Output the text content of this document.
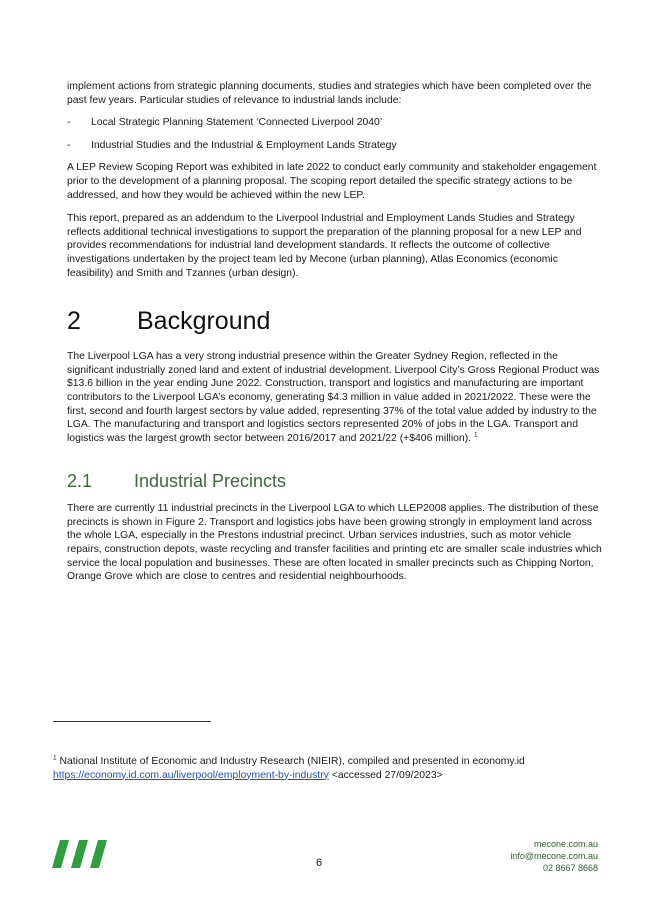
implement actions from strategic planning documents, studies and strategies which have been completed over the past few years. Particular studies of relevance to industrial lands include:

-	Local Strategic Planning Statement ‘Connected Liverpool 2040’
-	Industrial Studies and the Industrial & Employment Lands Strategy

A LEP Review Scoping Report was exhibited in late 2022 to conduct early community and stakeholder engagement prior to the development of a planning proposal. The scoping report detailed the specific strategy actions to be addressed, and how they would be achieved within the new LEP.

This report, prepared as an addendum to the Liverpool Industrial and Employment Lands Studies and Strategy reflects additional technical investigations to support the preparation of the planning proposal for a new LEP and provides recommendations for industrial land development standards. It reflects the outcome of collective investigations undertaken by the project team led by Mecone (urban planning), Atlas Economics (economic feasibility) and Smith and Tzannes (urban design).

2	Background

The Liverpool LGA has a very strong industrial presence within the Greater Sydney Region, reflected in the significant industrially zoned land and extent of industrial development. Liverpool City’s Gross Regional Product was $13.6 billion in the year ending June 2022. Construction, transport and logistics and manufacturing are important contributors to the Liverpool LGA’s economy, generating $4.3 million in value added in 2021/2022. These were the first, second and fourth largest sectors by value added, representing 37% of the total value added by industry to the LGA. The manufacturing and transport and logistics sectors represented 20% of jobs in the LGA. Transport and logistics was the largest growth sector between 2016/2017 and 2021/22 (+$406 million). $^1$

2.1	Industrial Precincts

There are currently 11 industrial precincts in the Liverpool LGA to which LLEP2008 applies. The distribution of these precincts is shown in Figure 2. Transport and logistics jobs have been growing strongly in employment land across the whole LGA, especially in the Prestons industrial precinct. Urban services industries, such as motor vehicle repairs, construction depots, waste recycling and transfer facilities and printing etc are smaller scale industries which service the local population and businesses. These are often located in smaller precincts such as Chipping Norton, Orange Grove which are close to centres and residential neighbourhoods.

$^1$ National Institute of Economic and Industry Research (NIEIR), compiled and presented in economy.id
https://economy.id.com.au/liverpool/employment-by-industry <accessed 27/09/2023>
6
mecone.com.au
info@mecone.com.au
02 8667 8668
